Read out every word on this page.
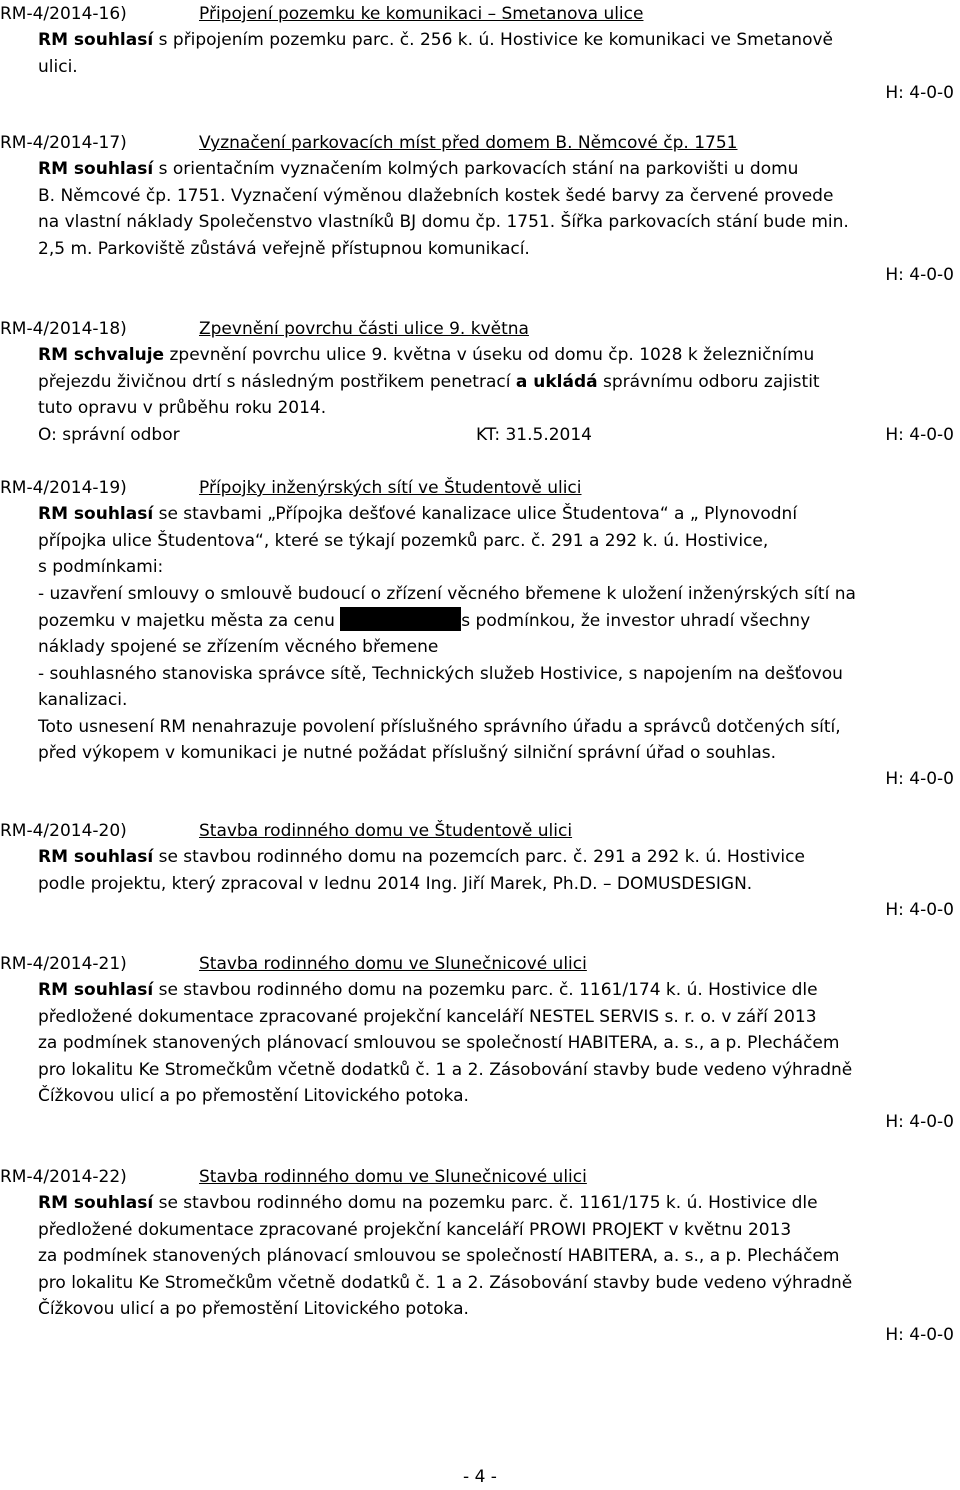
RM-4/2014-16)	Připojení pozemku ke komunikaci – Smetanova ulice
RM souhlasí s připojením pozemku parc. č. 256 k. ú. Hostivice ke komunikaci ve Smetanově
ulici.
H: 4-0-0
RM-4/2014-17)	Vyznačení parkovacích míst před domem B. Němcové čp. 1751
RM souhlasí s orientačním vyznačením kolmých parkovacích stání na parkovišti u domu
B. Němcové čp. 1751. Vyznačení výměnou dlažebních kostek šedé barvy za červené provede
na vlastní náklady Společenstvo vlastníků BJ domu čp. 1751. Šířka parkovacích stání bude min.
2,5 m. Parkoviště zůstává veřejně přístupnou komunikací.
H: 4-0-0
RM-4/2014-18)	Zpevnění povrchu části ulice 9. května
RM schvaluje zpevnění povrchu ulice 9. května v úseku od domu čp. 1028 k železničnímu
přejezdu živičnou drtí s následným postřikem penetrací a ukládá správnímu odboru zajistit
tuto opravu v průběhu roku 2014.
O: správní odbor	KT: 31.5.2014	H: 4-0-0
RM-4/2014-19)	Přípojky inženýrských sítí ve Študentově ulici
RM souhlasí se stavbami „Přípojka dešťové kanalizace ulice Študentova“ a „ Plynovodní
přípojka ulice Študentova“, které se týkají pozemků parc. č. 291 a 292 k. ú. Hostivice,
s podmínkami:
- uzavření smlouvy o smlouvě budoucí o zřízení věcného břemene k uložení inženýrských sítí na
pozemku v majetku města za cenu	s podmínkou, že investor uhradí všechny
náklady spojené se zřízením věcného břemene
- souhlasného stanoviska správce sítě, Technických služeb Hostivice, s napojením na dešťovou
kanalizaci.
Toto usnesení RM nenahrazuje povolení příslušného správního úřadu a správců dotčených sítí,
před výkopem v komunikaci je nutné požádat příslušný silniční správní úřad o souhlas.
H: 4-0-0
RM-4/2014-20)	Stavba rodinného domu ve Študentově ulici
RM souhlasí se stavbou rodinného domu na pozemcích parc. č. 291 a 292 k. ú. Hostivice
podle projektu, který zpracoval v lednu 2014 Ing. Jiří Marek, Ph.D. – DOMUSDESIGN.
H: 4-0-0
RM-4/2014-21)	Stavba rodinného domu ve Slunečnicové ulici
RM souhlasí se stavbou rodinného domu na pozemku parc. č. 1161/174 k. ú. Hostivice dle
předložené dokumentace zpracované projekční kanceláří NESTEL SERVIS s. r. o. v září 2013
za podmínek stanovených plánovací smlouvou se společností HABITERA, a. s., a p. Plecháčem
pro lokalitu Ke Stromečkům včetně dodatků č. 1 a 2. Zásobování stavby bude vedeno výhradně
Čížkovou ulicí a po přemostění Litovického potoka.
H: 4-0-0
RM-4/2014-22)	Stavba rodinného domu ve Slunečnicové ulici
RM souhlasí se stavbou rodinného domu na pozemku parc. č. 1161/175 k. ú. Hostivice dle
předložené dokumentace zpracované projekční kanceláří PROWI PROJEKT v květnu 2013
za podmínek stanovených plánovací smlouvou se společností HABITERA, a. s., a p. Plecháčem
pro lokalitu Ke Stromečkům včetně dodatků č. 1 a 2. Zásobování stavby bude vedeno výhradně
Čížkovou ulicí a po přemostění Litovického potoka.
H: 4-0-0
- 4 -
